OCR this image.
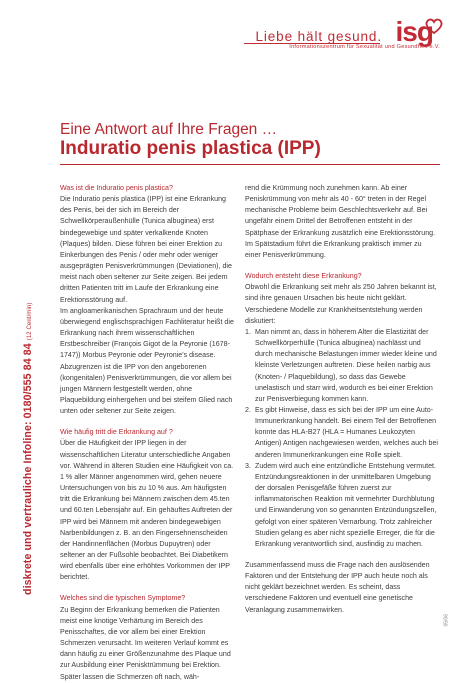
Liebe hält gesund. isg
Informationszentrum für Sexualität und Gesundheit e.V.
Eine Antwort auf Ihre Fragen …
Induratio penis plastica (IPP)
diskrete und vertrauliche Infoline: 0180/555 84 84 (12 Cent/min)
Was ist die Induratio penis plastica?

Die Induratio penis plastica (IPP) ist eine Erkrankung des Penis, bei der sich im Bereich der Schwellkörperaußenhülle (Tunica albuginea) erst bindegewebige und später verkalkende Knoten (Plaques) bilden. Diese führen bei einer Erektion zu Einkerbungen des Penis / oder mehr oder weniger ausgeprägten Penisverkrümmungen (Deviationen), die meist nach oben seltener zur Seite zeigen. Bei jedem dritten Patienten tritt im Laufe der Erkrankung eine Erektionsstörung auf.

Im angloamerikanischen Sprachraum und der heute überwiegend englischsprachigen Fachliteratur heißt die Erkrankung nach ihrem wissenschaftlichen Erstbeschreiber (François Gigot de la Peyronie (1678-1747)) Morbus Peyronie oder Peyronie's disease. Abzugrenzen ist die IPP von den angeborenen (kongenitalen) Penisverkrümmungen, die vor allem bei jungen Männern festgestellt werden, ohne Plaquebildung einhergehen und bei steifem Glied nach unten oder seltener zur Seite zeigen.

Wie häufig tritt die Erkrankung auf ?

Über die Häufigkeit der IPP liegen in der wissenschaftlichen Literatur unterschiedliche Angaben vor. Während in älteren Studien eine Häufigkeit von ca. 1 % aller Männer angenommen wird, gehen neuere Untersuchungen von bis zu 10 % aus. Am häufigsten tritt die Erkrankung bei Männern zwischen dem 45.ten und 60.ten Lebensjahr auf. Ein gehäuftes Auftreten der IPP wird bei Männern mit anderen bindegewebigen Narbenbildungen z. B. an den Fingersehnenscheiden der Handinnenflächen (Morbus Dupuytren) oder seltener an der Fußsohle beobachtet. Bei Diabetikern wird ebenfalls über eine erhöhtes Vorkommen der IPP berichtet.

Welches sind die typischen Symptome?

Zu Beginn der Erkrankung bemerken die Patienten meist eine knotige Verhärtung im Bereich des Penisschaftes, die vor allem bei einer Erektion Schmerzen verursacht. Im weiteren Verlauf kommt es dann häufig zu einer Größenzunahme des Plaque und zur Ausbildung einer Penisktrümmung bei Erektion. Später lassen die Schmerzen oft nach, wäh-

rend die Krümmung noch zunehmen kann. Ab einer Peniskrümmung von mehr als 40 - 60° treten in der Regel mechanische Probleme beim Geschlechtsverkehr auf. Bei ungefähr einem Drittel der Betroffenen entsteht in der Spätphase der Erkrankung zusätzlich eine Erektionsstörung. Im Spätstadium führt die Erkrankung praktisch immer zu einer Penisverkrümmung.

Wodurch entsteht diese Erkrankung?

Obwohl die Erkrankung seit mehr als 250 Jahren bekannt ist, sind ihre genauen Ursachen bis heute nicht geklärt. Verschiedene Modelle zur Krankheitsentstehung werden diskutiert:

1. Man nimmt an, dass in höherem Alter die Elastizität der Schwellkörperhülle (Tunica albuginea) nachlässt und durch mechanische Belastungen immer wieder kleine und kleinste Verletzungen auftreten. Diese heilen narbig aus (Knoten- / Plaquebildung), so dass das Gewebe unelastisch und starr wird, wodurch es bei einer Erektion zur Penisverbiegung kommen kann.
2. Es gibt Hinweise, dass es sich bei der IPP um eine Auto-Immunerkrankung handelt. Bei einem Teil der Betroffenen konnte das HLA-B27 (HLA = Humanes Leukozyten Antigen) Antigen nachgewiesen werden, welches auch bei anderen Immunerkrankungen eine Rolle spielt.
3. Zudem wird auch eine entzündliche Entstehung vermutet. Entzündungsreaktionen in der unmittelbaren Umgebung der dorsalen Penisgefäße führen zuerst zur inflammatorischen Reaktion mit vermehrter Durchblutung und Einwanderung von so genannten Entzündungszellen, gefolgt von einer späteren Vernarbung. Trotz zahlreicher Studien gelang es aber nicht spezielle Erreger, die für die Erkrankung verantwortlich sind, ausfindig zu machen.

Zusammenfassend muss die Frage nach den auslösenden Faktoren und der Entstehung der IPP auch heute noch als nicht geklärt bezeichnet werden. Es scheint, dass verschiedene Faktoren und eventuell eine genetische Veranlagung zusammenwirken.

05/06
